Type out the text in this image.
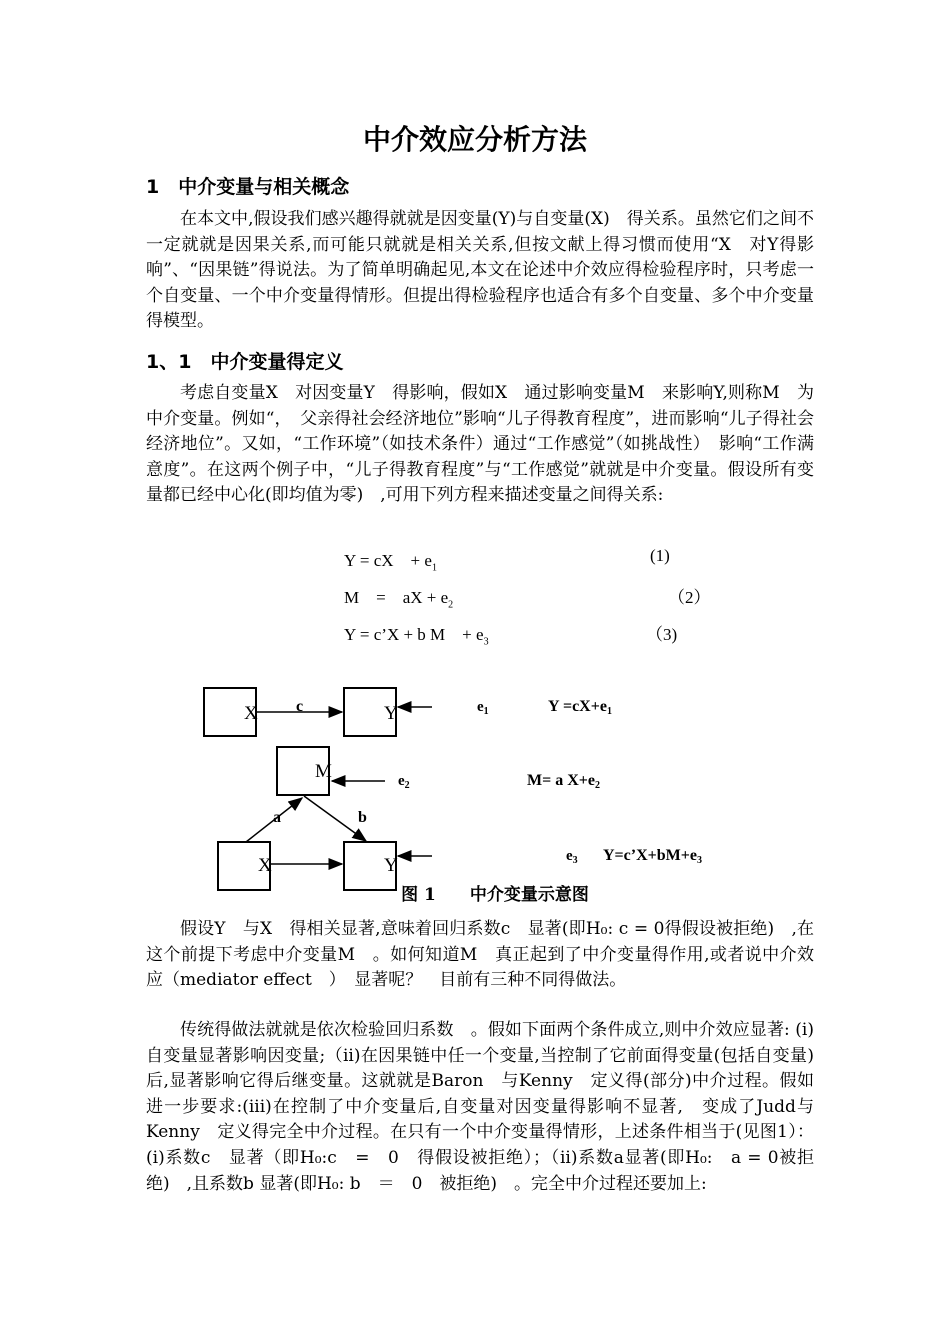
中介效应分析方法
1　中介变量与相关概念

在本文中,假设我们感兴趣得就就是因变量(Y)与自变量(X)　得关系。虽然它们之间不一定就就是因果关系,而可能只就就是相关关系,但按文献上得习惯而使用“X　对Y得影响”、“因果链”得说法。为了简单明确起见,本文在论述中介效应得检验程序时，只考虑一个自变量、一个中介变量得情形。但提出得检验程序也适合有多个自变量、多个中介变量得模型。

1、1　中介变量得定义

考虑自变量X　对因变量Y　得影响，假如X　通过影响变量M　来影响Y,则称M　为中介变量。例如“，　父亲得社会经济地位”影响“儿子得教育程度”，进而影响“儿子得社会经济地位”。又如，“工作环境”（如技术条件）通过“工作感觉”（如挑战性）　影响“工作满意度”。在这两个例子中，“儿子得教育程度”与“工作感觉”就就是中介变量。假设所有变量都已经中心化(即均值为零)　,可用下列方程来描述变量之间得关系:

Y = cX　+ $e_1$
(1)
M　=　aX + $e_2$	（2）
Y = c’X + b M　+ $e_3$	（3)
X	Y
c	$e_1$	Y =cX+e1
M
X	Y
a	b
$e_2$	M= a X+e2
$e_3$ Y=c’X+bM+e3
图 1　　中介变量示意图

假设Y　与X　得相关显著,意味着回归系数c　显著(即H₀: c = 0得假设被拒绝)　,在这个前提下考虑中介变量M　。如何知道M　真正起到了中介变量得作用,或者说中介效应（mediator effect　）　显著呢？　目前有三种不同得做法。

传统得做法就就是依次检验回归系数　。假如下面两个条件成立,则中介效应显著: (i)自变量显著影响因变量;（ii)在因果链中任一个变量,当控制了它前面得变量(包括自变量)后,显著影响它得后继变量。这就就是Baron　与Kenny　定义得(部分)中介过程。假如进一步要求:(iii)在控制了中介变量后,自变量对因变量得影响不显著,　变成了Judd与Kenny　定义得完全中介过程。在只有一个中介变量得情形，上述条件相当于(见图1）：(i)系数c　显著（即H₀:c　=　0　得假设被拒绝）；（ii)系数a显著(即H₀:　a = 0被拒绝)　,且系数b 显著(即H₀: b　＝　0　被拒绝)　。完全中介过程还要加上:
